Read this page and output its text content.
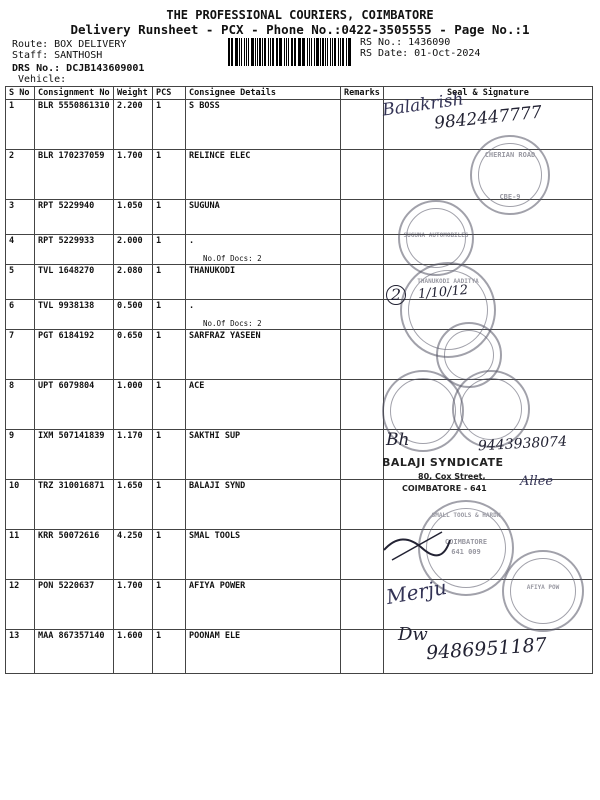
THE PROFESSIONAL COURIERS, COIMBATORE
Delivery Runsheet - PCX - Phone No.:0422-3505555 - Page No.:1
Route: BOX DELIVERY
Staff: SANTHOSH
DRS No.: DCJB143609001
Vehicle:
RS No.: 1436090
RS Date: 01-Oct-2024
S No	Consignment No	Weight	PCS	Consignee Details	Remarks	Seal & Signature
1	BLR 5550861310	2.200	1	S BOSS		
2	BLR 170237059	1.700	1	RELINCE ELEC		
3	RPT 5229940	1.050	1	SUGUNA		
4	RPT 5229933	2.000	1	.
No.Of Docs: 2		

5	TVL 1648270	2.080	1	THANUKODI		
6	TVL 9938138	0.500	1	.
No.Of Docs: 2		

7	PGT 6184192	0.650	1	SARFRAZ YASEEN		
8	UPT 6079804	1.000	1	ACE		
9	IXM 507141839	1.170	1	SAKTHI SUP		
10	TRZ 310016871	1.650	1	BALAJI SYND		
11	KRR 50072616	4.250	1	SMAL TOOLS		
12	PON 5220637	1.700	1	AFIYA POWER		
13	MAA 867357140	1.600	1	POONAM ELE		
Balakrish
9842447777
CHERIAN ROAD
CBE-9
SUGUNA AUTOMOBILES
THANUKODI AADITYA
2	1/10/12
Bh	9443938074
BALAJI SYNDICATE
80, Cox Street,
COIMBATORE - 641	Allee
SMALL TOOLS & HARDW
COIMBATORE
641 009
AFIYA POW
Merju
Dw
9486951187
